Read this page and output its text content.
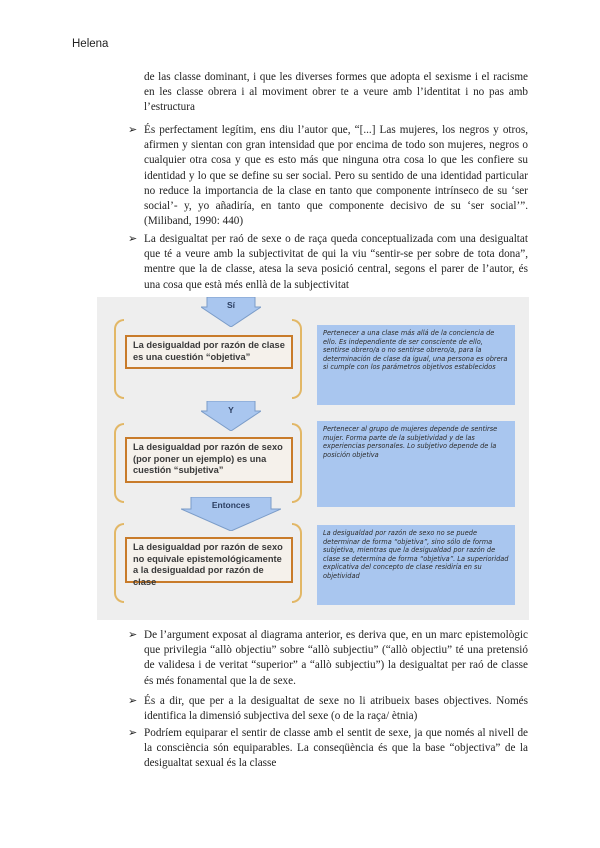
Helena

de las classe dominant, i que les diverses formes que adopta el sexisme i el racisme en les classe obrera i al moviment obrer te a veure amb l’identitat i no pas amb l’estructura

➢ És perfectament legítim, ens diu l’autor que, “[...] Las mujeres, los negros y otros, afirmen y sientan con gran intensidad que por encima de todo son mujeres, negros o cualquier otra cosa y que es esto más que ninguna otra cosa lo que les confiere su identidad y lo que se define su ser social. Pero su sentido de una identidad particular no reduce la importancia de la clase en tanto que componente intrínseco de su ‘ser social’- y, yo añadiría, en tanto que componente decisivo de su ‘ser social’”. (Miliband, 1990: 440)

➢ La desigualtat per raó de sexe o de raça queda conceptualizada com una desigualtat que té a veure amb la subjectivitat de qui la viu “sentir-se per sobre de tota dona”, mentre que la de classe, atesa la seva posició central, segons el parer de l’autor, és una cosa que està més enllà de la subjectivitat

Sí
Y
Entonces
La desigualdad por razón de clase es una cuestión “objetiva”
La desigualdad por razón de sexo (por poner un ejemplo) es una cuestión “subjetiva”
La desigualdad por razón de sexo no equivale epistemológicamente a la desigualdad por razón de clase
Pertenecer a una clase más allá de la conciencia de ello. Es independiente de ser consciente de ello, sentirse obrero/a o no sentirse obrero/a, para la determinación de clase da igual, una persona es obrera si cumple con los parámetros objetivos establecidos
Pertenecer al grupo de mujeres depende de sentirse mujer. Forma parte de la subjetividad y de las experiencias personales. Lo subjetivo depende de la posición objetiva
La desigualdad por razón de sexo no se puede determinar de forma “objetiva”, sino sólo de forma subjetiva, mientras que la desigualdad por razón de clase se determina de forma “objetiva”. La superioridad explicativa del concepto de clase residiría en su objetividad
➢ De l’argument exposat al diagrama anterior, es deriva que, en un marc epistemològic que privilegia “allò objectiu” sobre “allò subjectiu” (“allò objectiu” té una pretensió de validesa i de veritat “superior” a “allò subjectiu”) la desigualtat per raó de classe és més fonamental que la de sexe.

➢ És a dir, que per a la desigualtat de sexe no li atribueix bases objectives. Només identifica la dimensió subjectiva del sexe (o de la raça/ ètnia)

➢ Podríem equiparar el sentir de classe amb el sentit de sexe, ja que només al nivell de la consciència són equiparables. La conseqüència és que la base “objectiva” de la desigualtat sexual és la classe
